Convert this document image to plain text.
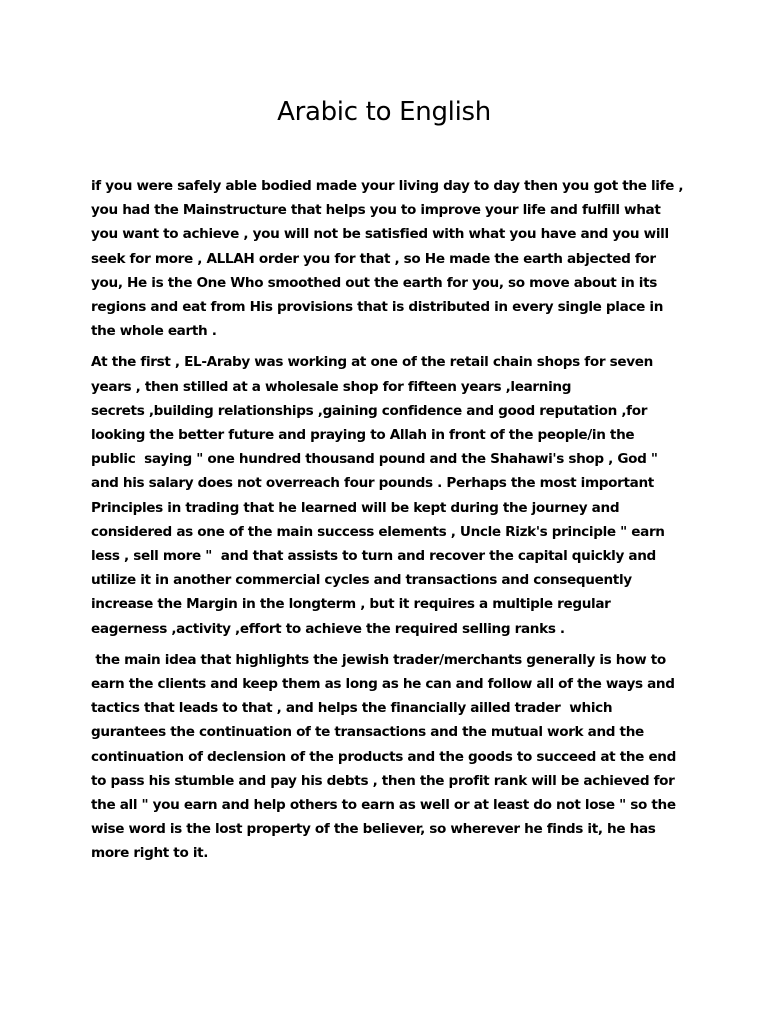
Arabic to English

if you were safely able bodied made your living day to day then you got the life ,
you had the Mainstructure that helps you to improve your life and fulfill what
you want to achieve , you will not be satisfied with what you have and you will
seek for more , ALLAH order you for that , so He made the earth abjected for
you, He is the One Who smoothed out the earth for you, so move about in its
regions and eat from His provisions that is distributed in every single place in
the whole earth .

At the first , EL-Araby was working at one of the retail chain shops for seven
years , then stilled at a wholesale shop for fifteen years ,learning
secrets ,building relationships ,gaining confidence and good reputation ,for
looking the better future and praying to Allah in front of the people/in the
public  saying " one hundred thousand pound and the Shahawi's shop , God "
and his salary does not overreach four pounds . Perhaps the most important
Principles in trading that he learned will be kept during the journey and
considered as one of the main success elements , Uncle Rizk's principle " earn
less , sell more "  and that assists to turn and recover the capital quickly and
utilize it in another commercial cycles and transactions and consequently
increase the Margin in the longterm , but it requires a multiple regular
eagerness ,activity ,effort to achieve the required selling ranks .

the main idea that highlights the jewish trader/merchants generally is how to
earn the clients and keep them as long as he can and follow all of the ways and
tactics that leads to that , and helps the financially ailled trader  which
gurantees the continuation of te transactions and the mutual work and the
continuation of declension of the products and the goods to succeed at the end
to pass his stumble and pay his debts , then the profit rank will be achieved for
the all " you earn and help others to earn as well or at least do not lose " so the
wise word is the lost property of the believer, so wherever he finds it, he has
more right to it.
